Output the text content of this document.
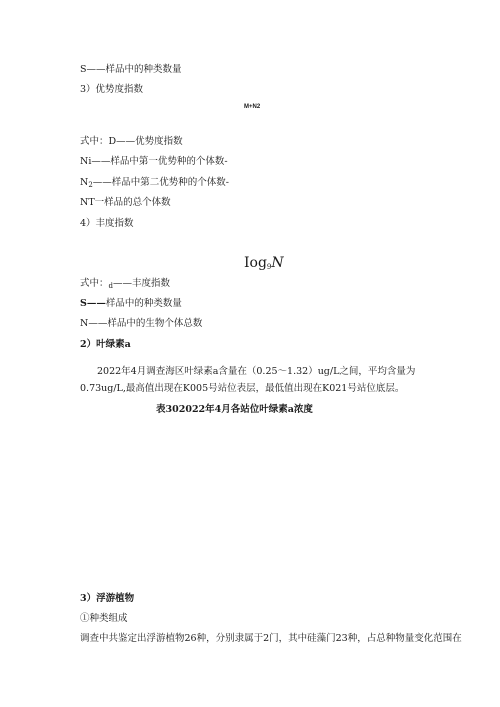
S——样品中的种类数量
3）优势度指数
M+N2
式中：D——优势度指数
Ni——样品中第一优势种的个体数-
$N_2——$样品中第二优势种的个体数-
NT一样品的总个体数
4）丰度指数
Iog$_9$N
式中：$_d$——丰度指数
S——样品中的种类数量
N——样品中的生物个体总数
2）叶绿素a
2022年4月调查海区叶绿素a含量在（0.25～1.32）ug/L之间，平均含量为0.73ug/L,最高值出现在K005号站位表层，最低值出现在K021号站位底层。
表302022年4月各站位叶绿素a浓度
3）浮游植物
①种类组成
调查中共鉴定出浮游植物26种，分别隶属于2门，其中硅藻门23种，占总种物量变化范围在
